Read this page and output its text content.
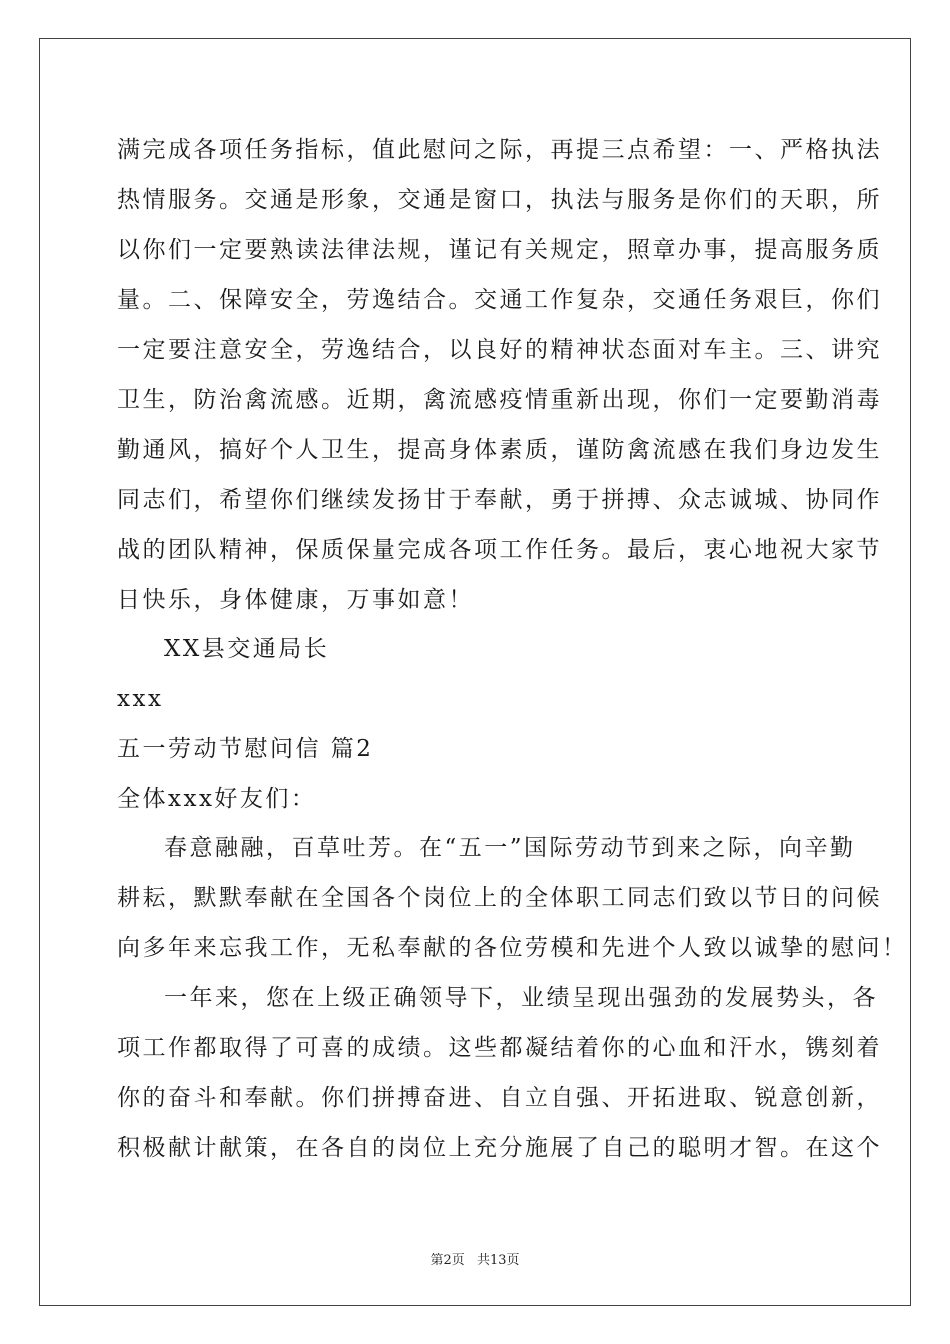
满完成各项任务指标，值此慰问之际，再提三点希望：一、严格执法

热情服务。交通是形象，交通是窗口，执法与服务是你们的天职，所

以你们一定要熟读法律法规，谨记有关规定，照章办事，提高服务质

量。二、保障安全，劳逸结合。交通工作复杂，交通任务艰巨，你们

一定要注意安全，劳逸结合，以良好的精神状态面对车主。三、讲究

卫生，防治禽流感。近期，禽流感疫情重新出现，你们一定要勤消毒

勤通风，搞好个人卫生，提高身体素质，谨防禽流感在我们身边发生

同志们，希望你们继续发扬甘于奉献，勇于拼搏、众志诚城、协同作

战的团队精神，保质保量完成各项工作任务。最后，衷心地祝大家节

日快乐，身体健康，万事如意！

XX县交通局长

xxx

五一劳动节慰问信 篇2

全体xxx好友们：

春意融融，百草吐芳。在“五一”国际劳动节到来之际，向辛勤

耕耘，默默奉献在全国各个岗位上的全体职工同志们致以节日的问候

向多年来忘我工作，无私奉献的各位劳模和先进个人致以诚挚的慰问！

一年来，您在上级正确领导下，业绩呈现出强劲的发展势头，各

项工作都取得了可喜的成绩。这些都凝结着你的心血和汗水，镌刻着

你的奋斗和奉献。你们拼搏奋进、自立自强、开拓进取、锐意创新，

积极献计献策，在各自的岗位上充分施展了自己的聪明才智。在这个

第2页 共13页
